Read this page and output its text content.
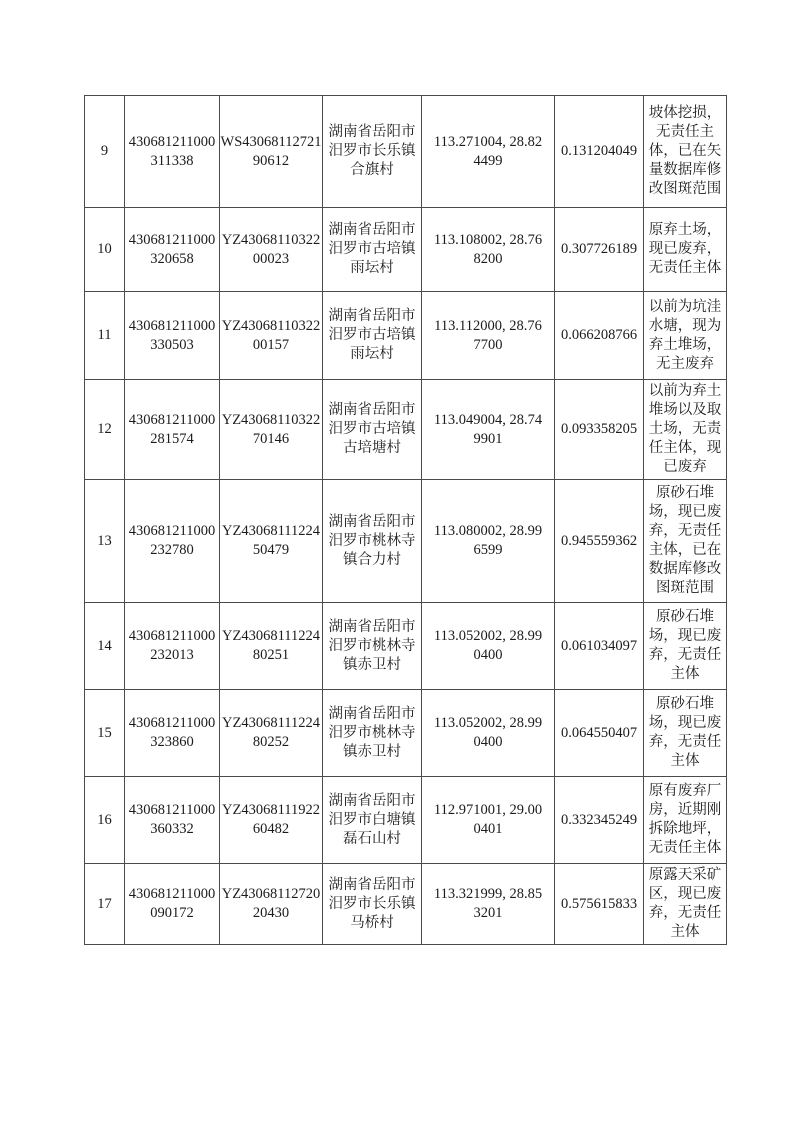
9	430681211000311338	WS4306811272190612	湖南省岳阳市汨罗市长乐镇合旗村	113.271004, 28.824499	0.131204049	坡体挖损，无责任主体，已在矢量数据库修改图斑范围
10	430681211000320658	YZ4306811032200023	湖南省岳阳市汨罗市古培镇雨坛村	113.108002, 28.768200	0.307726189	原弃土场，现已废弃，无责任主体
11	430681211000330503	YZ4306811032200157	湖南省岳阳市汨罗市古培镇雨坛村	113.112000, 28.767700	0.066208766	以前为坑洼水塘，现为弃土堆场，无主废弃
12	430681211000281574	YZ4306811032270146	湖南省岳阳市汨罗市古培镇古培塘村	113.049004, 28.749901	0.093358205	以前为弃土堆场以及取土场，无责任主体，现已废弃
13	430681211000232780	YZ4306811122450479	湖南省岳阳市汨罗市桃林寺镇合力村	113.080002, 28.996599	0.945559362	原砂石堆场，现已废弃，无责任主体，已在数据库修改图斑范围
14	430681211000232013	YZ4306811122480251	湖南省岳阳市汨罗市桃林寺镇赤卫村	113.052002, 28.990400	0.061034097	原砂石堆场，现已废弃，无责任主体
15	430681211000323860	YZ4306811122480252	湖南省岳阳市汨罗市桃林寺镇赤卫村	113.052002, 28.990400	0.064550407	原砂石堆场，现已废弃，无责任主体
16	430681211000360332	YZ4306811192260482	湖南省岳阳市汨罗市白塘镇磊石山村	112.971001, 29.000401	0.332345249	原有废弃厂房，近期刚拆除地坪，无责任主体
17	430681211000090172	YZ4306811272020430	湖南省岳阳市汨罗市长乐镇马桥村	113.321999, 28.853201	0.575615833	原露天采矿区，现已废弃，无责任主体
